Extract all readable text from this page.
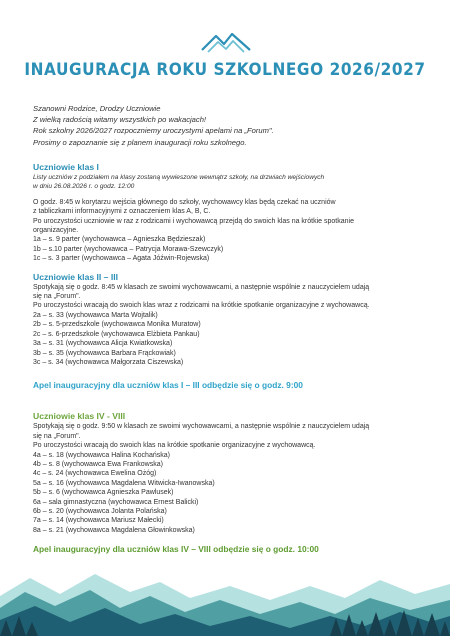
INAUGURACJA ROKU SZKOLNEGO 2026/2027
Szanowni Rodzice, Drodzy Uczniowie
Z wielką radością witamy wszystkich po wakacjach!
Rok szkolny 2026/2027 rozpoczniemy uroczystymi apelami na „Forum".
Prosimy o zapoznanie się z planem inauguracji roku szkolnego.
Uczniowie klas I
Listy uczniów z podziałem na klasy zostaną wywieszone wewnątrz szkoły, na drzwiach wejściowych
w dniu 26.08.2026 r. o godz. 12:00
O godz. 8:45 w korytarzu wejścia głównego do szkoły, wychowawcy klas będą czekać na uczniów
z tabliczkami informacyjnymi z oznaczeniem klas A, B, C.
Po uroczystości uczniowie w raz z rodzicami i wychowawcą przejdą do swoich klas na krótkie spotkanie
organizacyjne.
1a – s. 9 parter (wychowawca – Agnieszka Będzieszak)
1b – s.10 parter (wychowawca – Patrycja Morawa-Szewczyk)
1c – s. 3 parter (wychowawca – Agata Jóźwin-Rojewska)
Uczniowie klas II – III
Spotykają się o godz. 8:45 w klasach ze swoimi wychowawcami, a następnie wspólnie z nauczycielem udają
się na „Forum".
Po uroczystości wracają do swoich klas wraz z rodzicami na krótkie spotkanie organizacyjne z wychowawcą.
2a – s. 33 (wychowawca Marta Wojtalik)
2b – s. 5-przedszkole (wychowawca Monika Muratow)
2c – s. 6-przedszkole (wychowawca Elżbieta Pankau)
3a – s. 31 (wychowawca Alicja Kwiatkowska)
3b – s. 35 (wychowawca Barbara Frąckowiak)
3c – s. 34 (wychowawca Małgorzata Ciszewska)
Apel inauguracyjny dla uczniów klas I – III odbędzie się o godz. 9:00
Uczniowie klas IV - VIII
Spotykają się o godz. 9:50 w klasach ze swoimi wychowawcami, a następnie wspólnie z nauczycielem udają
się na „Forum".
Po uroczystości wracają do swoich klas na krótkie spotkanie organizacyjne z wychowawcą.
4a – s. 18 (wychowawca Halina Kochańska)
4b – s. 8 (wychowawca Ewa Frankowska)
4c – s. 24 (wychowawca Ewelina Ożóg)
5a – s. 16 (wychowawca Magdalena Witwicka-Iwanowska)
5b – s. 6 (wychowawca Agnieszka Pawlusek)
6a – sala gimnastyczna (wychowawca Ernest Balicki)
6b – s. 20 (wychowawca Jolanta Polańska)
7a – s. 14 (wychowawca Mariusz Małecki)
8a – s. 21 (wychowawca Magdalena Głowinkowska)
Apel inauguracyjny dla uczniów klas IV – VIII odbędzie się o godz. 10:00
